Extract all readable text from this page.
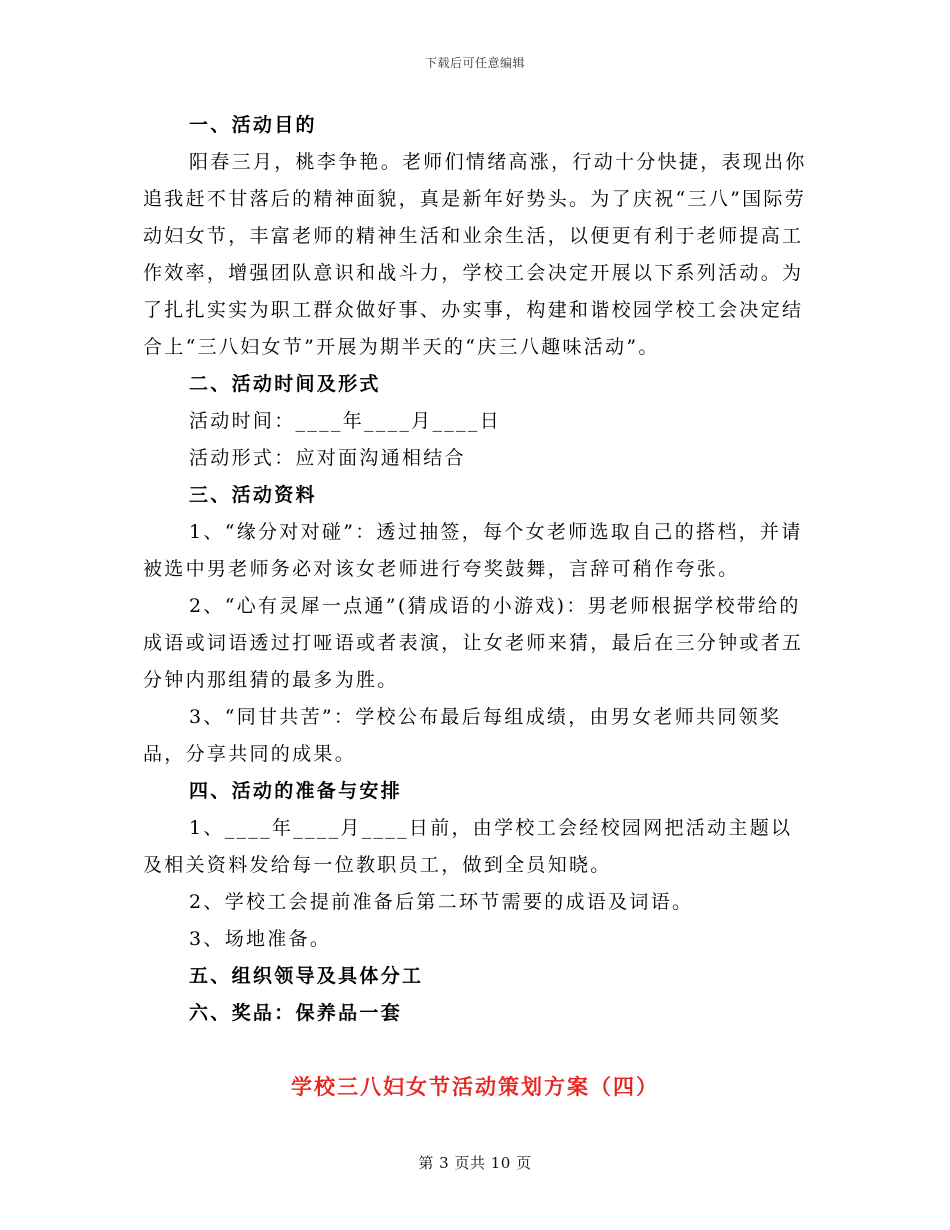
下载后可任意编辑

一、活动目的

阳春三月，桃李争艳。老师们情绪高涨，行动十分快捷，表现出你追我赶不甘落后的精神面貌，真是新年好势头。为了庆祝“三八”国际劳动妇女节，丰富老师的精神生活和业余生活，以便更有利于老师提高工作效率，增强团队意识和战斗力，学校工会决定开展以下系列活动。为了扎扎实实为职工群众做好事、办实事，构建和谐校园学校工会决定结合上“三八妇女节”开展为期半天的“庆三八趣味活动”。

二、活动时间及形式

活动时间：____年____月____日

活动形式：应对面沟通相结合

三、活动资料

1、“缘分对对碰”：透过抽签，每个女老师选取自己的搭档，并请被选中男老师务必对该女老师进行夸奖鼓舞，言辞可稍作夸张。

2、“心有灵犀一点通”(猜成语的小游戏)：男老师根据学校带给的成语或词语透过打哑语或者表演，让女老师来猜，最后在三分钟或者五分钟内那组猜的最多为胜。

3、“同甘共苦”：学校公布最后每组成绩，由男女老师共同领奖品，分享共同的成果。

四、活动的准备与安排

1、____年____月____日前，由学校工会经校园网把活动主题以及相关资料发给每一位教职员工，做到全员知晓。

2、学校工会提前准备后第二环节需要的成语及词语。

3、场地准备。

五、组织领导及具体分工

六、奖品：保养品一套

学校三八妇女节活动策划方案（四）
第 3 页共 10 页
